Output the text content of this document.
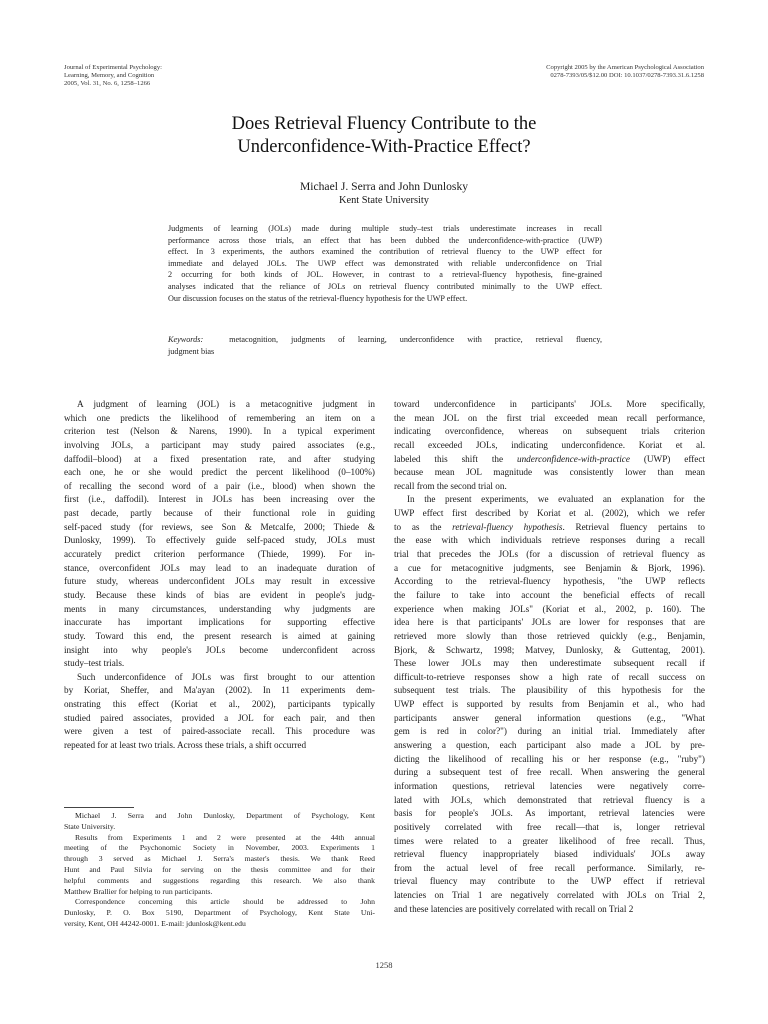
Journal of Experimental Psychology:
Learning, Memory, and Cognition
2005, Vol. 31, No. 6, 1258–1266
Copyright 2005 by the American Psychological Association
0278-7393/05/$12.00 DOI: 10.1037/0278-7393.31.6.1258
Does Retrieval Fluency Contribute to the
Underconfidence-With-Practice Effect?
Michael J. Serra and John Dunlosky
Kent State University
Judgments of learning (JOLs) made during multiple study–test trials underestimate increases in recall
performance across those trials, an effect that has been dubbed the underconfidence-with-practice (UWP)
effect. In 3 experiments, the authors examined the contribution of retrieval fluency to the UWP effect for
immediate and delayed JOLs. The UWP effect was demonstrated with reliable underconfidence on Trial
2 occurring for both kinds of JOL. However, in contrast to a retrieval-fluency hypothesis, fine-grained
analyses indicated that the reliance of JOLs on retrieval fluency contributed minimally to the UWP effect.
Our discussion focuses on the status of the retrieval-fluency hypothesis for the UWP effect.
Keywords:	metacognition, judgments of learning, underconfidence with practice, retrieval fluency,
judgment bias
A judgment of learning (JOL) is a metacognitive judgment in
which one predicts the likelihood of remembering an item on a
criterion test (Nelson & Narens, 1990). In a typical experiment
involving JOLs, a participant may study paired associates (e.g.,
daffodil–blood) at a fixed presentation rate, and after studying
each one, he or she would predict the percent likelihood (0–100%)
of recalling the second word of a pair (i.e., blood) when shown the
first (i.e., daffodil). Interest in JOLs has been increasing over the
past decade, partly because of their functional role in guiding
self-paced study (for reviews, see Son & Metcalfe, 2000; Thiede &
Dunlosky, 1999). To effectively guide self-paced study, JOLs must
accurately predict criterion performance (Thiede, 1999). For in-
stance, overconfident JOLs may lead to an inadequate duration of
future study, whereas underconfident JOLs may result in excessive
study. Because these kinds of bias are evident in people's judg-
ments in many circumstances, understanding why judgments are
inaccurate has important implications for supporting effective
study. Toward this end, the present research is aimed at gaining
insight into why people's JOLs become underconfident across
study–test trials.
Such underconfidence of JOLs was first brought to our attention
by Koriat, Sheffer, and Ma'ayan (2002). In 11 experiments dem-
onstrating this effect (Koriat et al., 2002), participants typically
studied paired associates, provided a JOL for each pair, and then
were given a test of paired-associate recall. This procedure was
repeated for at least two trials. Across these trials, a shift occurred
toward underconfidence in participants' JOLs. More specifically,
the mean JOL on the first trial exceeded mean recall performance,
indicating overconfidence, whereas on subsequent trials criterion
recall exceeded JOLs, indicating underconfidence. Koriat et al.
labeled this shift the underconfidence-with-practice (UWP) effect
because mean JOL magnitude was consistently lower than mean
recall from the second trial on.
In the present experiments, we evaluated an explanation for the
UWP effect first described by Koriat et al. (2002), which we refer
to as the retrieval-fluency hypothesis. Retrieval fluency pertains to
the ease with which individuals retrieve responses during a recall
trial that precedes the JOLs (for a discussion of retrieval fluency as
a cue for metacognitive judgments, see Benjamin & Bjork, 1996).
According to the retrieval-fluency hypothesis, "the UWP reflects
the failure to take into account the beneficial effects of recall
experience when making JOLs" (Koriat et al., 2002, p. 160). The
idea here is that participants' JOLs are lower for responses that are
retrieved more slowly than those retrieved quickly (e.g., Benjamin,
Bjork, & Schwartz, 1998; Matvey, Dunlosky, & Guttentag, 2001).
These lower JOLs may then underestimate subsequent recall if
difficult-to-retrieve responses show a high rate of recall success on
subsequent test trials. The plausibility of this hypothesis for the
UWP effect is supported by results from Benjamin et al., who had
participants answer general information questions (e.g., "What
gem is red in color?") during an initial trial. Immediately after
answering a question, each participant also made a JOL by pre-
dicting the likelihood of recalling his or her response (e.g., "ruby")
during a subsequent test of free recall. When answering the general
information questions, retrieval latencies were negatively corre-
lated with JOLs, which demonstrated that retrieval fluency is a
basis for people's JOLs. As important, retrieval latencies were
positively correlated with free recall—that is, longer retrieval
times were related to a greater likelihood of free recall. Thus,
retrieval fluency inappropriately biased individuals' JOLs away
from the actual level of free recall performance. Similarly, re-
trieval fluency may contribute to the UWP effect if retrieval
latencies on Trial 1 are negatively correlated with JOLs on Trial 2,
and these latencies are positively correlated with recall on Trial 2
Michael J. Serra and John Dunlosky, Department of Psychology, Kent
State University.
Results from Experiments 1 and 2 were presented at the 44th annual
meeting of the Psychonomic Society in November, 2003. Experiments 1
through 3 served as Michael J. Serra's master's thesis. We thank Reed
Hunt and Paul Silvia for serving on the thesis committee and for their
helpful comments and suggestions regarding this research. We also thank
Matthew Brallier for helping to run participants.
Correspondence concerning this article should be addressed to John
Dunlosky, P. O. Box 5190, Department of Psychology, Kent State Uni-
versity, Kent, OH 44242-0001. E-mail: jdunlosk@kent.edu
1258
